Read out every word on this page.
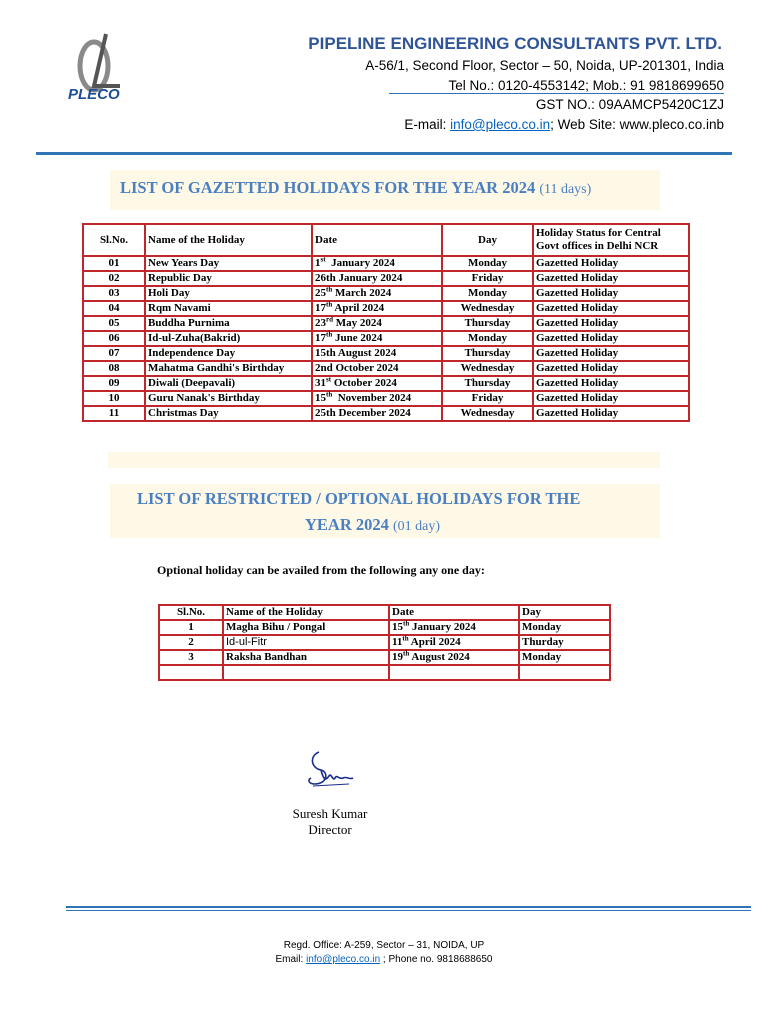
PLECO
PIPELINE ENGINEERING CONSULTANTS PVT. LTD.
A-56/1, Second Floor, Sector – 50, Noida, UP-201301, India
Tel No.: 0120-4553142; Mob.: 91 9818699650
GST NO.: 09AAMCP5420C1ZJ
E-mail: info@pleco.co.in; Web Site: www.pleco.co.inb
LIST OF GAZETTED HOLIDAYS FOR THE YEAR 2024 (11 days)
Sl.No.	Name of the Holiday	Date	Day	Holiday Status for Central Govt offices in Delhi NCR
01	New Years Day	1st  January 2024	Monday	Gazetted Holiday
02	Republic Day	26th January 2024	Friday	Gazetted Holiday
03	Holi Day	25th March 2024	Monday	Gazetted Holiday
04	Rqm Navami	17th April 2024	Wednesday	Gazetted Holiday
05	Buddha Purnima	23rd May 2024	Thursday	Gazetted Holiday
06	Id-ul-Zuha(Bakrid)	17th June 2024	Monday	Gazetted Holiday
07	Independence Day	15th August 2024	Thursday	Gazetted Holiday
08	Mahatma Gandhi's Birthday	2nd October 2024	Wednesday	Gazetted Holiday
09	Diwali (Deepavali)	31st October 2024	Thursday	Gazetted Holiday
10	Guru Nanak's Birthday	15th  November 2024	Friday	Gazetted Holiday
11	Christmas Day	25th December 2024	Wednesday	Gazetted Holiday
LIST OF RESTRICTED / OPTIONAL HOLIDAYS FOR THE
YEAR 2024 (01 day)
Optional holiday can be availed from the following any one day:
Sl.No.	Name of the Holiday	Date	Day
1	Magha Bihu / Pongal	15th January 2024	Monday
2	Id-ul-Fitr	11th April 2024	Thurday
3	Raksha Bandhan	19th August 2024	Monday

Suresh Kumar
Director
Regd. Office: A-259, Sector – 31, NOIDA, UP
Email: info@pleco.co.in ; Phone no. 9818688650
